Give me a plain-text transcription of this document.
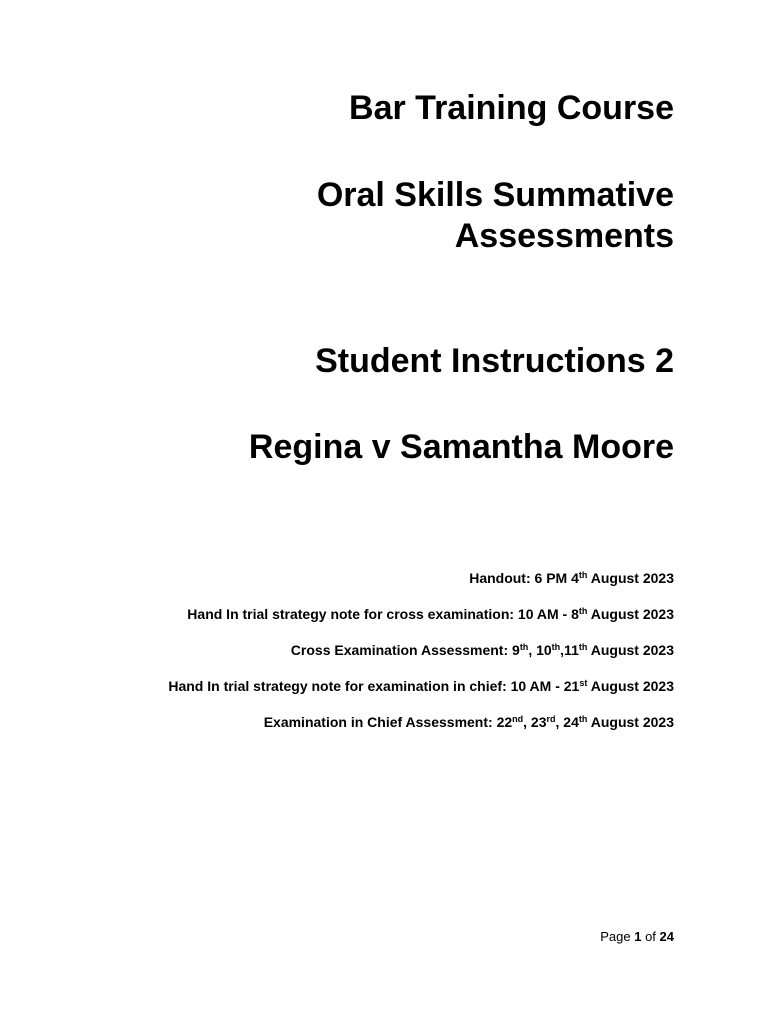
Bar Training Course
Oral Skills Summative
Assessments
Student Instructions 2
Regina v Samantha Moore
Handout: 6 PM 4th August 2023
Hand In trial strategy note for cross examination: 10 AM - 8th August 2023
Cross Examination Assessment: 9th, 10th,11th August 2023
Hand In trial strategy note for examination in chief: 10 AM - 21st August 2023
Examination in Chief Assessment: 22nd, 23rd, 24th August 2023
Page 1 of 24
